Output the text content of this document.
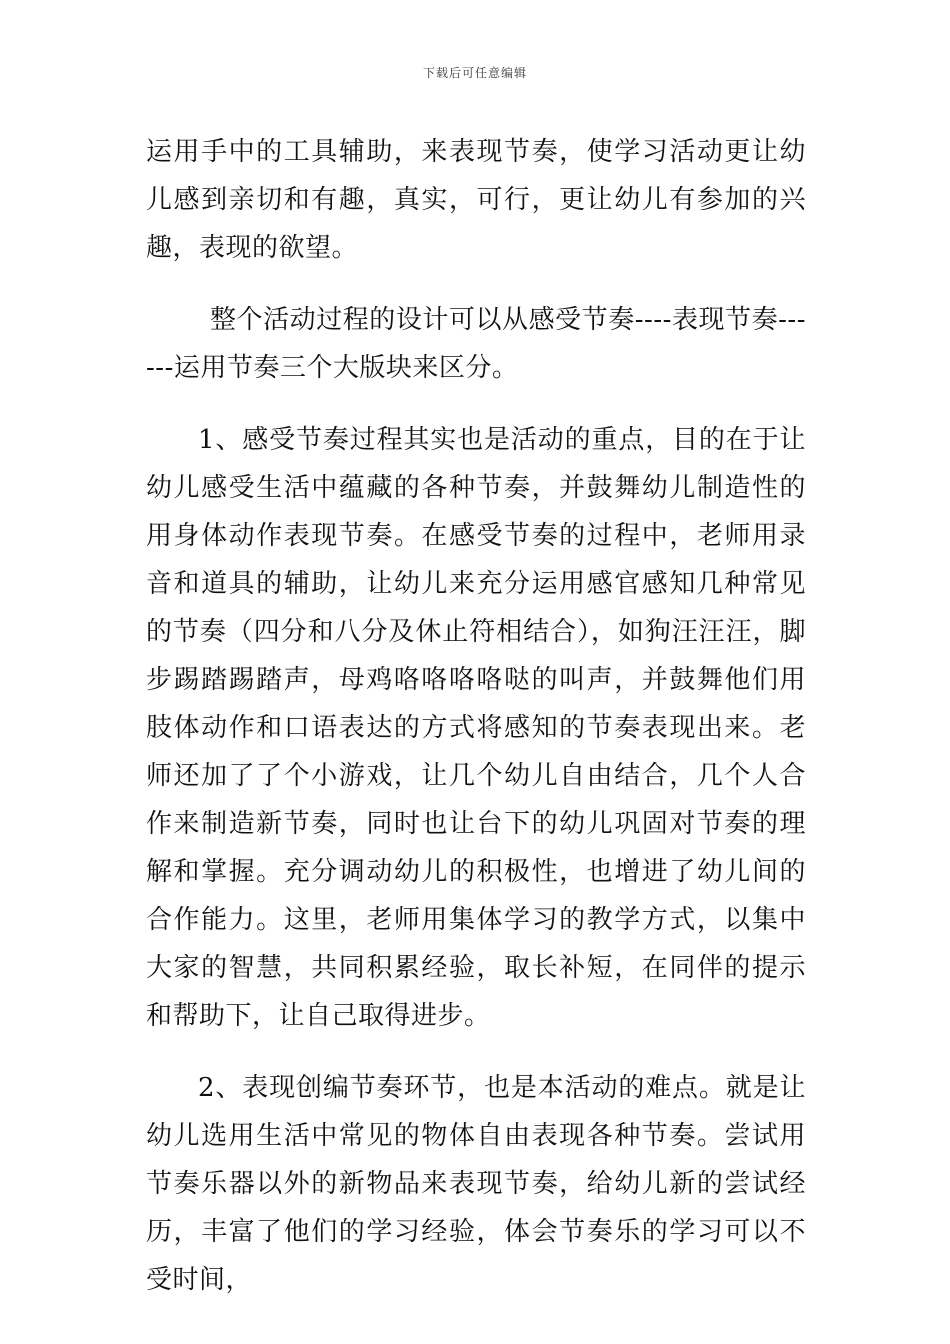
下载后可任意编辑

运用手中的工具辅助，来表现节奏，使学习活动更让幼儿感到亲切和有趣，真实，可行，更让幼儿有参加的兴趣，表现的欲望。

整个活动过程的设计可以从感受节奏----表现节奏------运用节奏三个大版块来区分。

1、感受节奏过程其实也是活动的重点，目的在于让幼儿感受生活中蕴藏的各种节奏，并鼓舞幼儿制造性的用身体动作表现节奏。在感受节奏的过程中，老师用录音和道具的辅助，让幼儿来充分运用感官感知几种常见的节奏（四分和八分及休止符相结合），如狗汪汪汪，脚步踢踏踢踏声，母鸡咯咯咯咯哒的叫声，并鼓舞他们用肢体动作和口语表达的方式将感知的节奏表现出来。老师还加了了个小游戏，让几个幼儿自由结合，几个人合作来制造新节奏，同时也让台下的幼儿巩固对节奏的理解和掌握。充分调动幼儿的积极性，也增进了幼儿间的合作能力。这里，老师用集体学习的教学方式，以集中大家的智慧，共同积累经验，取长补短，在同伴的提示和帮助下，让自己取得进步。

2、表现创编节奏环节，也是本活动的难点。就是让幼儿选用生活中常见的物体自由表现各种节奏。尝试用节奏乐器以外的新物品来表现节奏，给幼儿新的尝试经历，丰富了他们的学习经验，体会节奏乐的学习可以不受时间，
